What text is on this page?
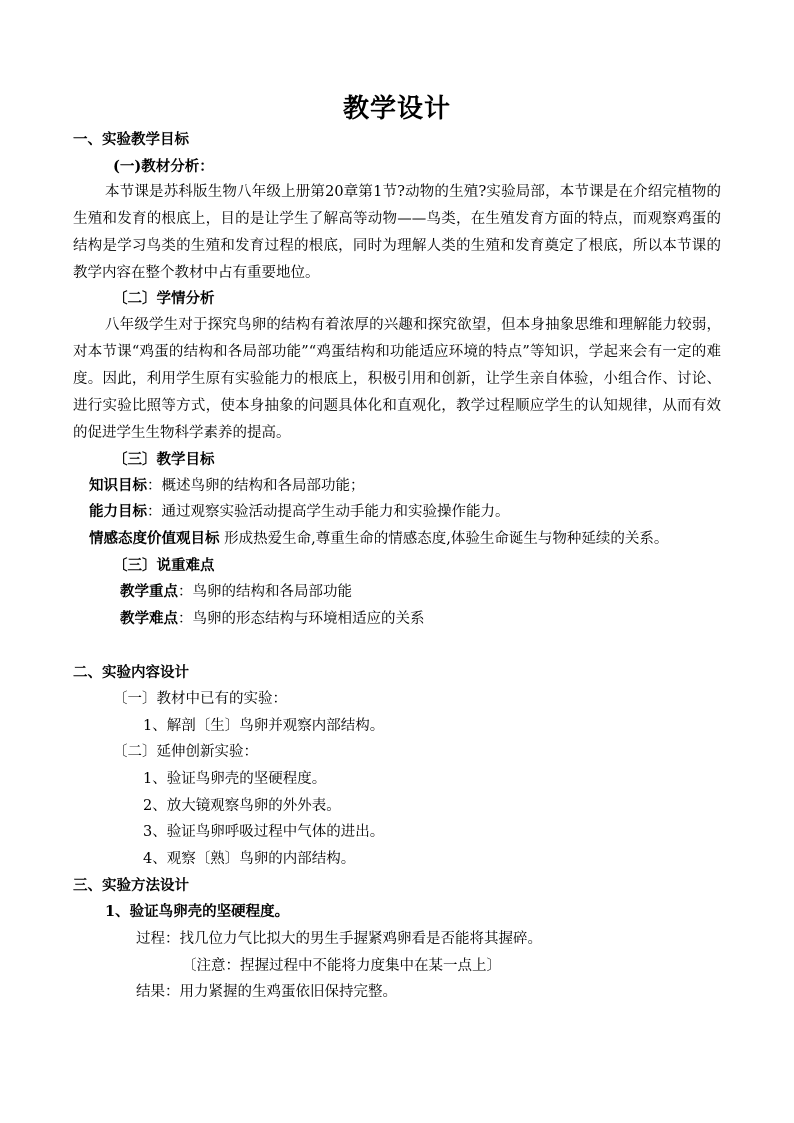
教学设计
一、实验教学目标
(一)教材分析：
本节课是苏科版生物八年级上册第20章第1节?动物的生殖?实验局部，本节课是在介绍完植物的生殖和发育的根底上，目的是让学生了解高等动物——鸟类，在生殖发育方面的特点，而观察鸡蛋的结构是学习鸟类的生殖和发育过程的根底，同时为理解人类的生殖和发育奠定了根底，所以本节课的教学内容在整个教材中占有重要地位。
〔二〕学情分析
八年级学生对于探究鸟卵的结构有着浓厚的兴趣和探究欲望，但本身抽象思维和理解能力较弱，对本节课“鸡蛋的结构和各局部功能”“鸡蛋结构和功能适应环境的特点”等知识，学起来会有一定的难度。因此，利用学生原有实验能力的根底上，积极引用和创新，让学生亲自体验，小组合作、讨论、进行实验比照等方式，使本身抽象的问题具体化和直观化，教学过程顺应学生的认知规律，从而有效的促进学生生物科学素养的提高。
〔三〕教学目标
知识目标：概述鸟卵的结构和各局部功能；
能力目标：通过观察实验活动提高学生动手能力和实验操作能力。
情感态度价值观目标 形成热爱生命,尊重生命的情感态度,体验生命诞生与物种延续的关系。
〔三〕说重难点
教学重点：鸟卵的结构和各局部功能
教学难点：鸟卵的形态结构与环境相适应的关系
二、实验内容设计
〔一〕教材中已有的实验：
1、解剖〔生〕鸟卵并观察内部结构。
〔二〕延伸创新实验：
1、验证鸟卵壳的坚硬程度。
2、放大镜观察鸟卵的外外表。
3、验证鸟卵呼吸过程中气体的进出。
4、观察〔熟〕鸟卵的内部结构。
三、实验方法设计
1、验证鸟卵壳的坚硬程度。
过程：找几位力气比拟大的男生手握紧鸡卵看是否能将其握碎。
〔注意：捏握过程中不能将力度集中在某一点上〕
结果：用力紧握的生鸡蛋依旧保持完整。
